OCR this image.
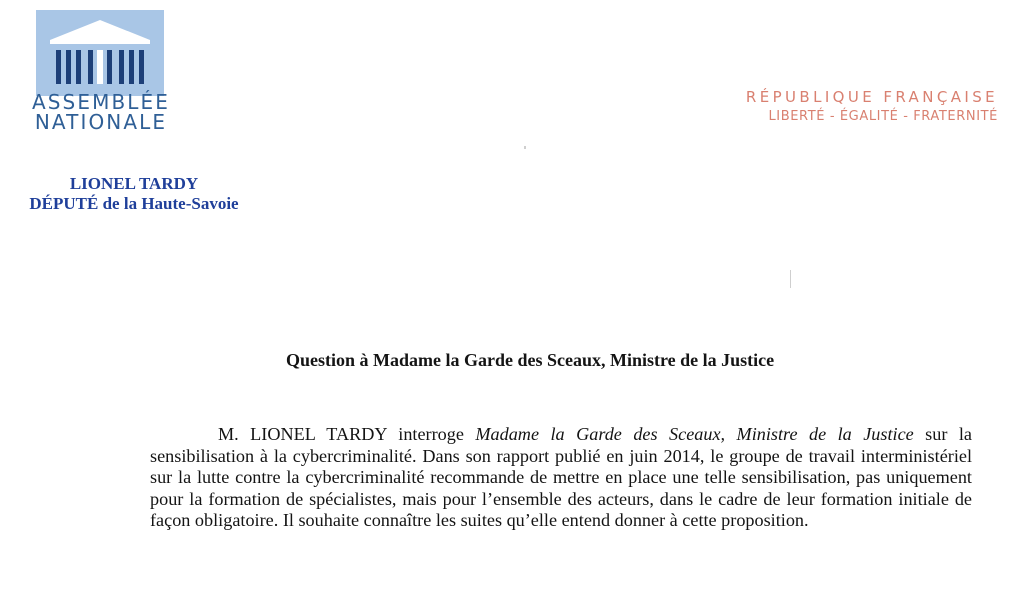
ASSEMBLÉE
NATIONALE
RÉPUBLIQUE FRANÇAISE
LIBERTÉ - ÉGALITÉ - FRATERNITÉ
LIONEL TARDY
DÉPUTÉ de la Haute-Savoie
Question à Madame la Garde des Sceaux, Ministre de la Justice

M. LIONEL TARDY interroge Madame la Garde des Sceaux, Ministre de la Justice sur la sensibilisation à la cybercriminalité. Dans son rapport publié en juin 2014, le groupe de travail interministériel sur la lutte contre la cybercriminalité recommande de mettre en place une telle sensibilisation, pas uniquement pour la formation de spécialistes, mais pour l’ensemble des acteurs, dans le cadre de leur formation initiale de façon obligatoire. Il souhaite connaître les suites qu’elle entend donner à cette proposition.
